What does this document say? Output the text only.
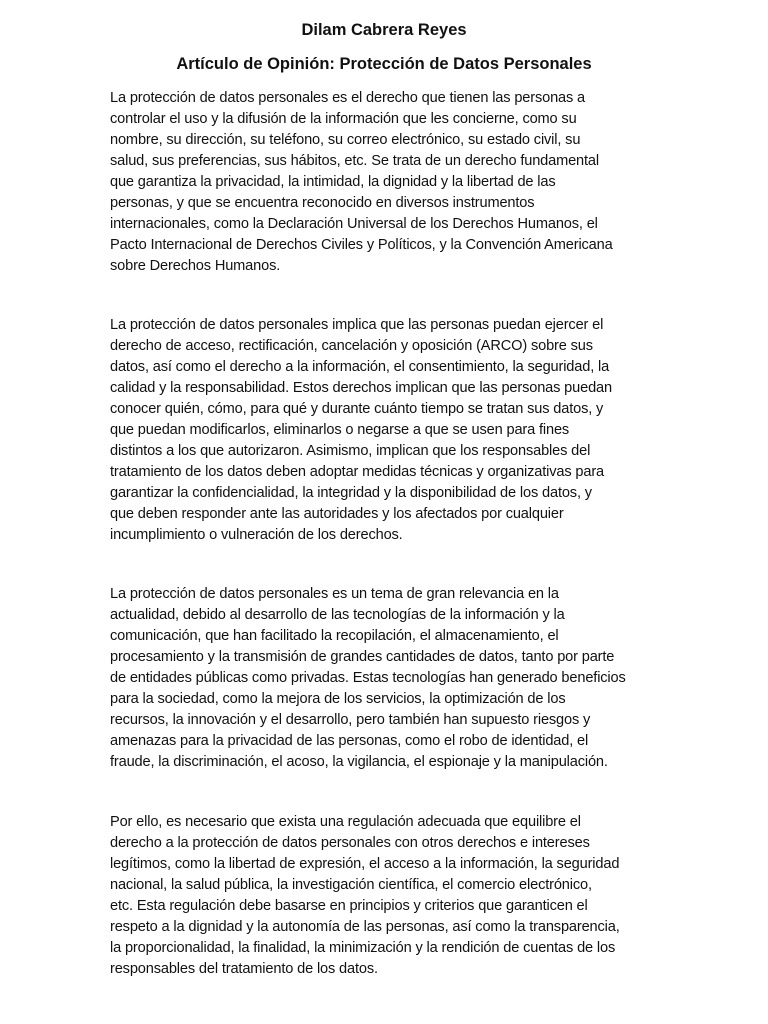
Dilam Cabrera Reyes
Artículo de Opinión: Protección de Datos Personales

La protección de datos personales es el derecho que tienen las personas a
controlar el uso y la difusión de la información que les concierne, como su
nombre, su dirección, su teléfono, su correo electrónico, su estado civil, su
salud, sus preferencias, sus hábitos, etc. Se trata de un derecho fundamental
que garantiza la privacidad, la intimidad, la dignidad y la libertad de las
personas, y que se encuentra reconocido en diversos instrumentos
internacionales, como la Declaración Universal de los Derechos Humanos, el
Pacto Internacional de Derechos Civiles y Políticos, y la Convención Americana
sobre Derechos Humanos.

La protección de datos personales implica que las personas puedan ejercer el
derecho de acceso, rectificación, cancelación y oposición (ARCO) sobre sus
datos, así como el derecho a la información, el consentimiento, la seguridad, la
calidad y la responsabilidad. Estos derechos implican que las personas puedan
conocer quién, cómo, para qué y durante cuánto tiempo se tratan sus datos, y
que puedan modificarlos, eliminarlos o negarse a que se usen para fines
distintos a los que autorizaron. Asimismo, implican que los responsables del
tratamiento de los datos deben adoptar medidas técnicas y organizativas para
garantizar la confidencialidad, la integridad y la disponibilidad de los datos, y
que deben responder ante las autoridades y los afectados por cualquier
incumplimiento o vulneración de los derechos.

La protección de datos personales es un tema de gran relevancia en la
actualidad, debido al desarrollo de las tecnologías de la información y la
comunicación, que han facilitado la recopilación, el almacenamiento, el
procesamiento y la transmisión de grandes cantidades de datos, tanto por parte
de entidades públicas como privadas. Estas tecnologías han generado beneficios
para la sociedad, como la mejora de los servicios, la optimización de los
recursos, la innovación y el desarrollo, pero también han supuesto riesgos y
amenazas para la privacidad de las personas, como el robo de identidad, el
fraude, la discriminación, el acoso, la vigilancia, el espionaje y la manipulación.

Por ello, es necesario que exista una regulación adecuada que equilibre el
derecho a la protección de datos personales con otros derechos e intereses
legítimos, como la libertad de expresión, el acceso a la información, la seguridad
nacional, la salud pública, la investigación científica, el comercio electrónico,
etc. Esta regulación debe basarse en principios y criterios que garanticen el
respeto a la dignidad y la autonomía de las personas, así como la transparencia,
la proporcionalidad, la finalidad, la minimización y la rendición de cuentas de los
responsables del tratamiento de los datos.
